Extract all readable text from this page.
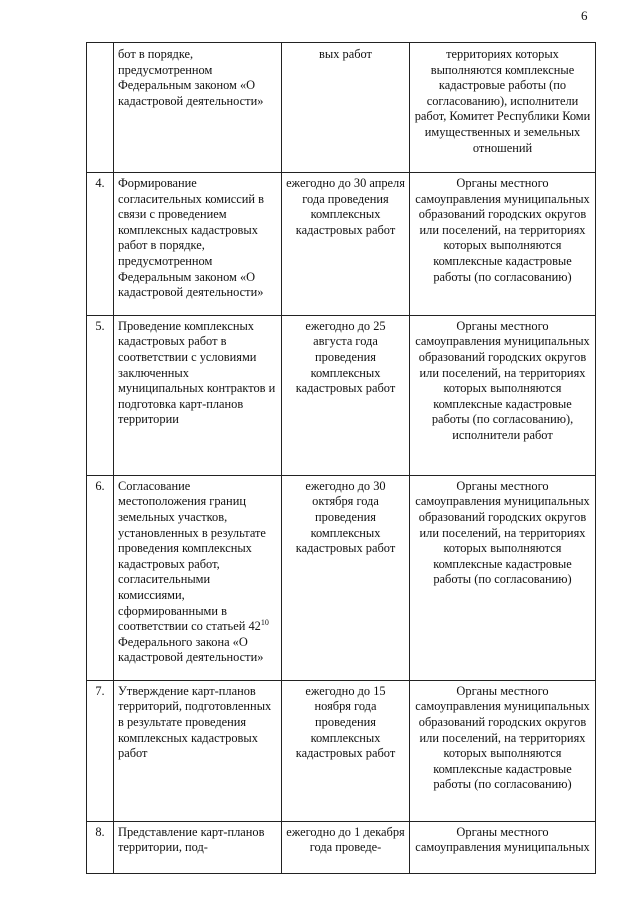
6
	бот в порядке, предусмотренном Федеральным законом «О кадастровой деятельности»	вых работ	территориях которых выполняются комплексные кадастровые работы (по согласованию), исполнители работ, Комитет Республики Коми имущественных и земельных отношений
4.	Формирование согласительных комиссий в связи с проведением комплексных кадастровых работ в порядке, предусмотренном Федеральным законом «О кадастровой деятельности»	ежегодно до 30 апреля года проведения комплексных кадастровых работ	Органы местного самоуправления муниципальных образований городских округов или поселений, на территориях которых выполняются комплексные кадастровые работы (по согласованию)
5.	Проведение комплексных кадастровых работ в соответствии с условиями заключенных муниципальных контрактов и подготовка карт-планов территории	ежегодно до 25 августа года проведения комплексных кадастровых работ	Органы местного самоуправления муниципальных образований городских округов или поселений, на территориях которых выполняются комплексные кадастровые работы (по согласованию), исполнители работ
6.	Согласование местоположения границ земельных участков, установленных в результате проведения комплексных кадастровых работ, согласительными комиссиями, сформированными в соответствии со статьей $42^{10}$ Федерального закона «О кадастровой деятельности»	ежегодно до 30 октября года проведения комплексных кадастровых работ	Органы местного самоуправления муниципальных образований городских округов или поселений, на территориях которых выполняются комплексные кадастровые работы (по согласованию)
7.	Утверждение карт-планов территорий, подготовленных в результате проведения комплексных кадастровых работ	ежегодно до 15 ноября года проведения комплексных кадастровых работ	Органы местного самоуправления муниципальных образований городских округов или поселений, на территориях которых выполняются комплексные кадастровые работы (по согласованию)
8.	Представление карт-планов территории, под-	ежегодно до 1 декабря года проведе-	Органы местного самоуправления муниципальных
